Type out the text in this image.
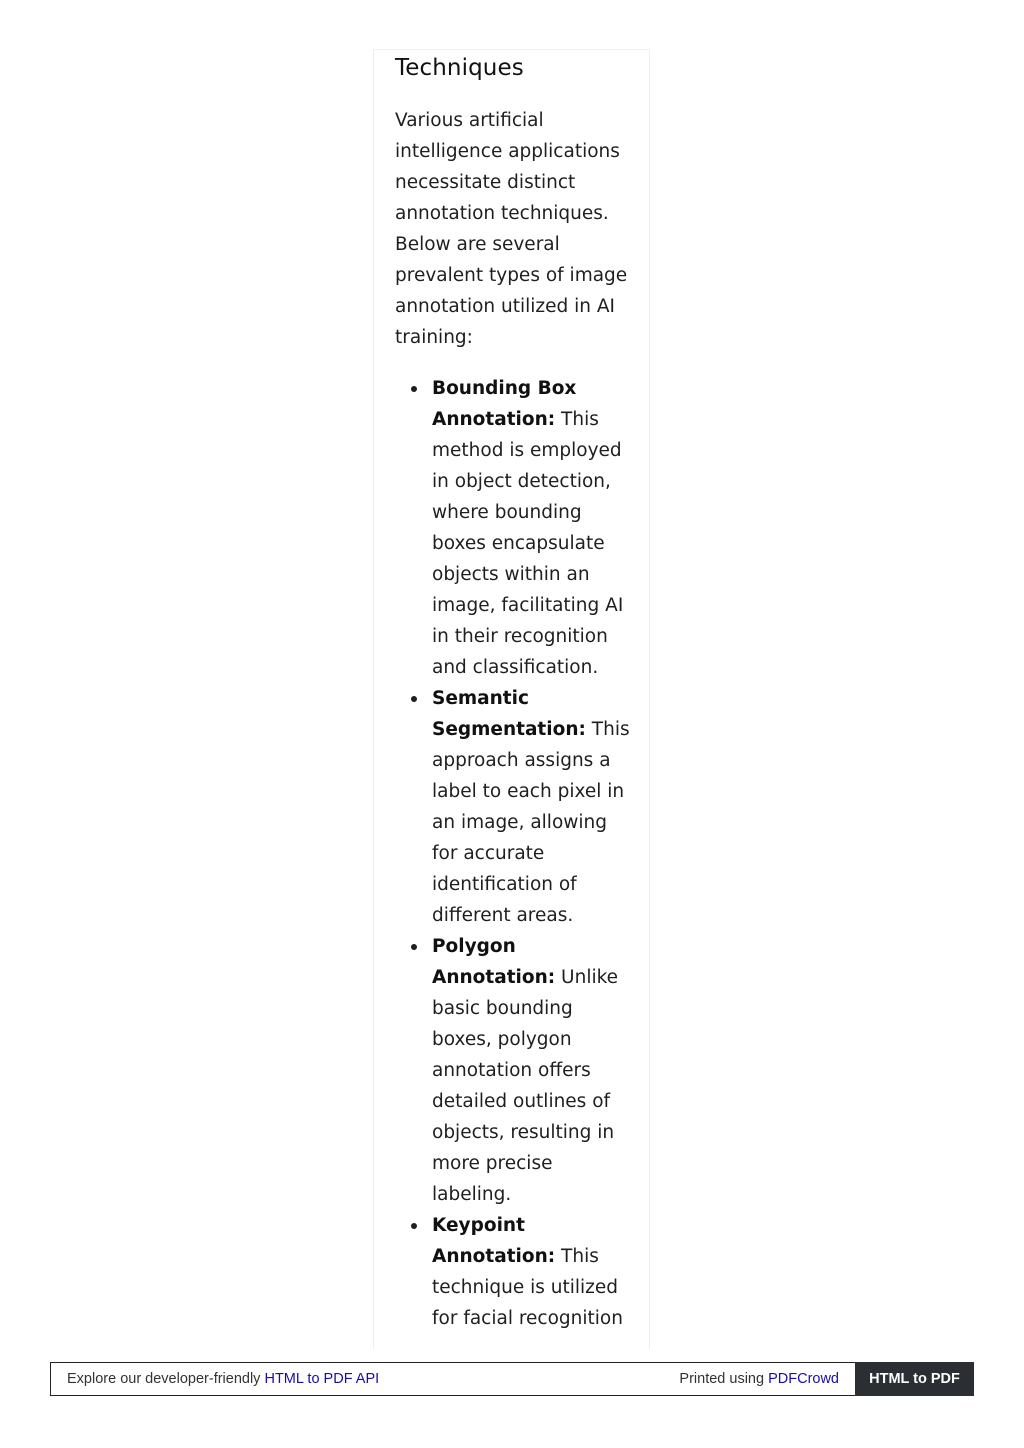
Techniques

Various artificial intelligence applications necessitate distinct annotation techniques. Below are several prevalent types of image annotation utilized in AI training:

Bounding Box Annotation: This method is employed in object detection, where bounding boxes encapsulate objects within an image, facilitating AI in their recognition and classification.
Semantic Segmentation: This approach assigns a label to each pixel in an image, allowing for accurate identification of different areas.
Polygon Annotation: Unlike basic bounding boxes, polygon annotation offers detailed outlines of objects, resulting in more precise labeling.
Keypoint Annotation: This technique is utilized for facial recognition
Explore our developer-friendly HTML to PDF API	Printed using PDFCrowd	HTML to PDF
